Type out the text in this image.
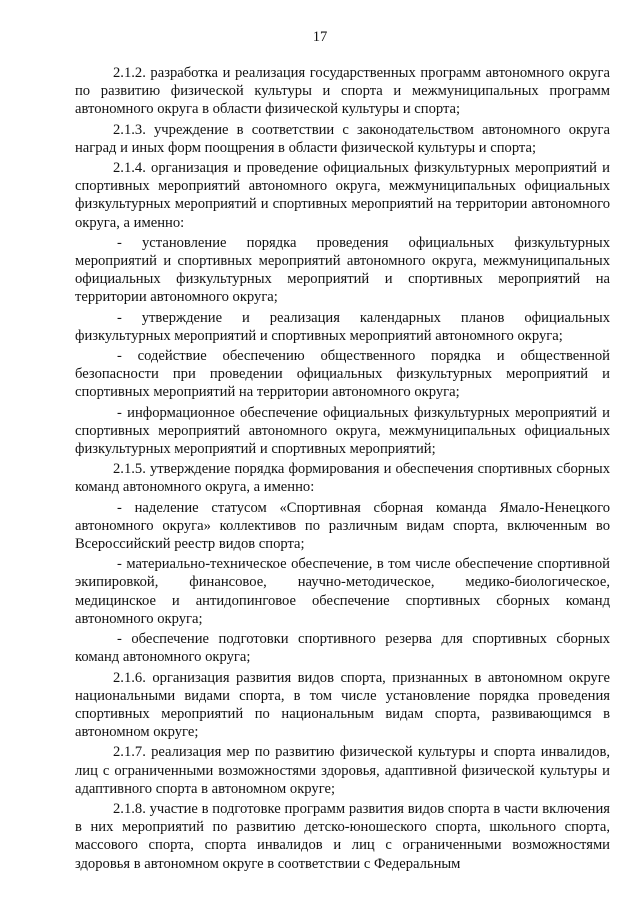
17

2.1.2. разработка и реализация государственных программ автономного округа по развитию физической культуры и спорта и межмуниципальных программ автономного округа в области физической культуры и спорта;

2.1.3. учреждение в соответствии с законодательством автономного округа наград и иных форм поощрения в области физической культуры и спорта;

2.1.4. организация и проведение официальных физкультурных мероприятий и спортивных мероприятий автономного округа, межмуниципальных официальных физкультурных мероприятий и спортивных мероприятий на территории автономного округа, а именно:

- установление порядка проведения официальных физкультурных мероприятий и спортивных мероприятий автономного округа, межмуниципальных официальных физкультурных мероприятий и спортивных мероприятий на территории автономного округа;

- утверждение и реализация календарных планов официальных физкультурных мероприятий и спортивных мероприятий автономного округа;

- содействие обеспечению общественного порядка и общественной безопасности при проведении официальных физкультурных мероприятий и спортивных мероприятий на территории автономного округа;

- информационное обеспечение официальных физкультурных мероприятий и спортивных мероприятий автономного округа, межмуниципальных официальных физкультурных мероприятий и спортивных мероприятий;

2.1.5. утверждение порядка формирования и обеспечения спортивных сборных команд автономного округа, а именно:

- наделение статусом «Спортивная сборная команда Ямало-Ненецкого автономного округа» коллективов по различным видам спорта, включенным во Всероссийский реестр видов спорта;

- материально-техническое обеспечение, в том числе обеспечение спортивной экипировкой, финансовое, научно-методическое, медико-биологическое, медицинское и антидопинговое обеспечение спортивных сборных команд автономного округа;

- обеспечение подготовки спортивного резерва для спортивных сборных команд автономного округа;

2.1.6. организация развития видов спорта, признанных в автономном округе национальными видами спорта, в том числе установление порядка проведения спортивных мероприятий по национальным видам спорта, развивающимся в автономном округе;

2.1.7. реализация мер по развитию физической культуры и спорта инвалидов, лиц с ограниченными возможностями здоровья, адаптивной физической культуры и адаптивного спорта в автономном округе;

2.1.8. участие в подготовке программ развития видов спорта в части включения в них мероприятий по развитию детско-юношеского спорта, школьного спорта, массового спорта, спорта инвалидов и лиц с ограниченными возможностями здоровья в автономном округе в соответствии с Федеральным
